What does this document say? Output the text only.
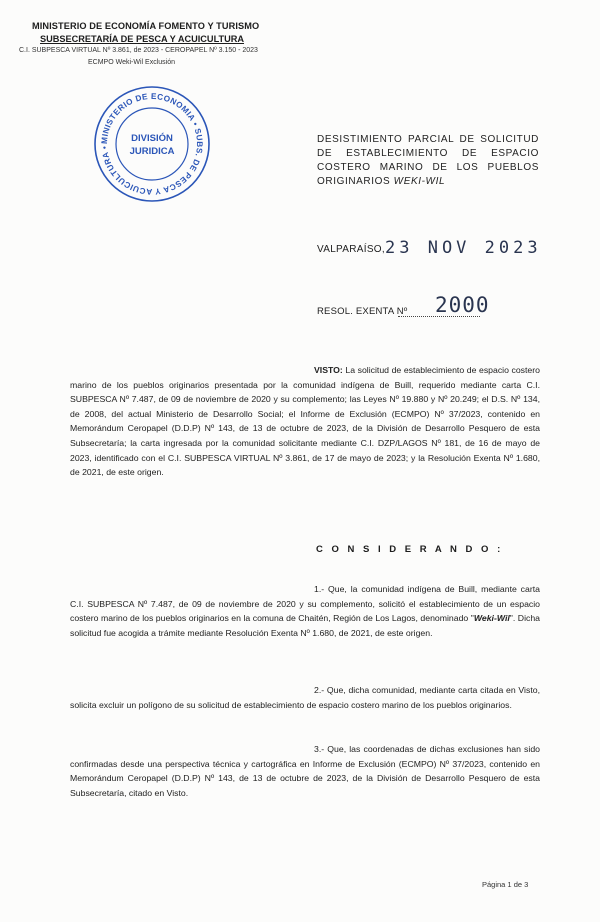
MINISTERIO DE ECONOMÍA FOMENTO Y TURISMO
SUBSECRETARÍA DE PESCA Y ACUICULTURA
C.I. SUBPESCA VIRTUAL Nº 3.861, de 2023 - CEROPAPEL Nº 3.150 - 2023
ECMPO Weki-Wil Exclusión
MINISTERIO DE ECONOMIA • SUBS. DE PESCA Y ACUICULTURA •
DIVISIÓN
JURIDICA
DESISTIMIENTO PARCIAL DE SOLICITUD DE ESTABLECIMIENTO DE ESPACIO COSTERO MARINO DE LOS PUEBLOS ORIGINARIOS WEKI-WIL
VALPARAÍSO, 23 NOV 2023
RESOL. EXENTA Nº 2000
VISTO: La solicitud de establecimiento de espacio costero marino de los pueblos originarios presentada por la comunidad indígena de Buill, requerido mediante carta C.I. SUBPESCA Nº 7.487, de 09 de noviembre de 2020 y su complemento; las Leyes Nº 19.880 y Nº 20.249; el D.S. Nº 134, de 2008, del actual Ministerio de Desarrollo Social; el Informe de Exclusión (ECMPO) Nº 37/2023, contenido en Memorándum Ceropapel (D.D.P) Nº 143, de 13 de octubre de 2023, de la División de Desarrollo Pesquero de esta Subsecretaría; la carta ingresada por la comunidad solicitante mediante C.I. DZP/LAGOS Nº 181, de 16 de mayo de 2023, identificado con el C.I. SUBPESCA VIRTUAL Nº 3.861, de 17 de mayo de 2023; y la Resolución Exenta Nº 1.680, de 2021, de este origen.
C O N S I D E R A N D O :
1.- Que, la comunidad indígena de Buill, mediante carta C.I. SUBPESCA Nº 7.487, de 09 de noviembre de 2020 y su complemento, solicitó el establecimiento de un espacio costero marino de los pueblos originarios en la comuna de Chaitén, Región de Los Lagos, denominado "Weki-Wil". Dicha solicitud fue acogida a trámite mediante Resolución Exenta Nº 1.680, de 2021, de este origen.
2.- Que, dicha comunidad, mediante carta citada en Visto, solicita excluir un polígono de su solicitud de establecimiento de espacio costero marino de los pueblos originarios.
3.- Que, las coordenadas de dichas exclusiones han sido confirmadas desde una perspectiva técnica y cartográfica en Informe de Exclusión (ECMPO) Nº 37/2023, contenido en Memorándum Ceropapel (D.D.P) Nº 143, de 13 de octubre de 2023, de la División de Desarrollo Pesquero de esta Subsecretaría, citado en Visto.
Página 1 de 3
